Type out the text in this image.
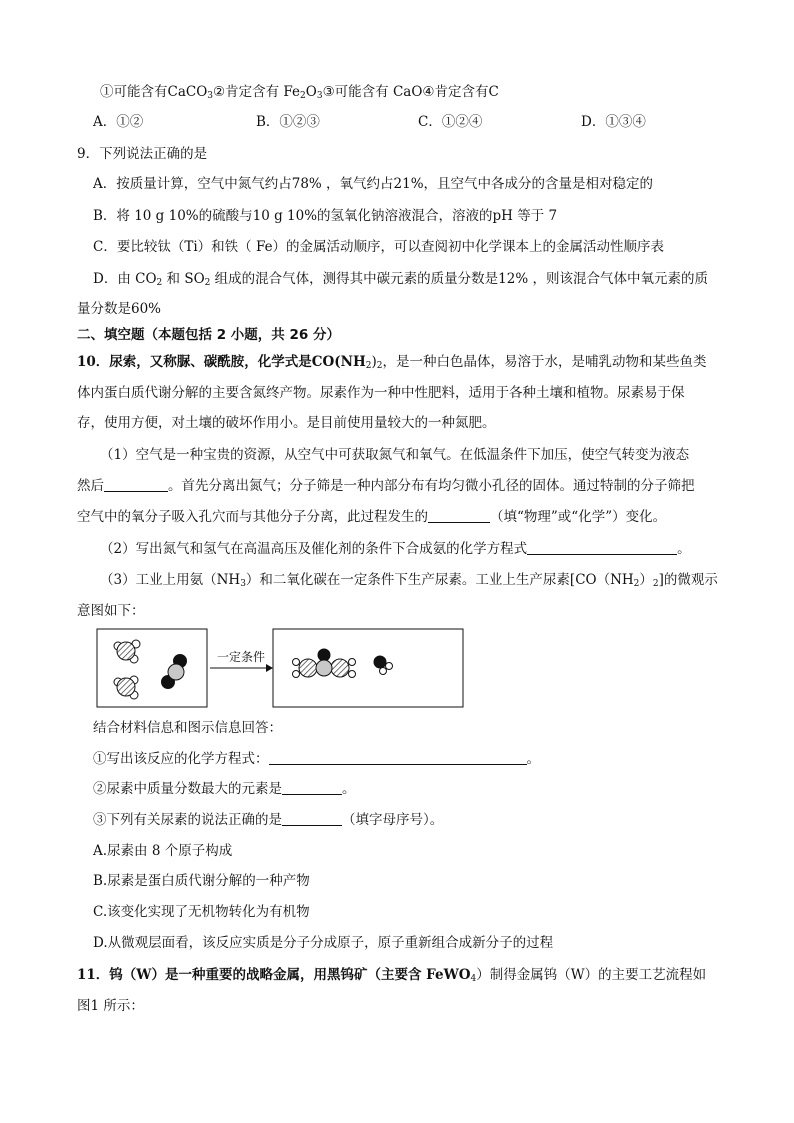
①可能含有CaCO$_3$②肯定含有 $Fe_2O_3③$可能含有 CaO④肯定含有C
A．①②	B．①②③	C．①②④	D．①③④
9．下列说法正确的是
A．按质量计算，空气中氮气约占78% ，氧气约占21%，且空气中各成分的含量是相对稳定的
B．将 10 g 10%的硫酸与10 g 10%的氢氧化钠溶液混合，溶液的pH 等于 7
C．要比较钛（Ti）和铁（ Fe）的金属活动顺序，可以查阅初中化学课本上的金属活动性顺序表
D．由 $CO_2$ 和 $SO_2$ 组成的混合气体，测得其中碳元素的质量分数是12% ，则该混合气体中氧元素的质
量分数是60%
二、填空题（本题包括 2 小题，共 26 分）
10．尿索，又称脲、碳酰胺，化学式是$CO(NH_2)_2$，是一种白色晶体，易溶于水，是哺乳动物和某些鱼类
体内蛋白质代谢分解的主要含氮终产物。尿素作为一种中性肥料，适用于各种土壤和植物。尿素易于保
存，使用方便，对土壤的破坏作用小。是目前使用量较大的一种氮肥。
（1）空气是一种宝贵的资源，从空气中可获取氮气和氧气。在低温条件下加压，使空气转变为液态
然后	。首先分离出氮气；分子筛是一种内部分布有均匀微小孔径的固体。通过特制的分子筛把
空气中的氧分子吸入孔穴而与其他分子分离，此过程发生的	（填“物理”或“化学”）变化。
（2）写出氮气和氢气在高温高压及催化剂的条件下合成氨的化学方程式	。
（3）工业上用氨$(NH_3)$和二氧化碳在一定条件下生产尿素。工业上生产尿素$[CO(NH_2)_2]$的微观示
意图如下：
一定条件
结合材料信息和图示信息回答：
①写出该反应的化学方程式：	。
②尿素中质量分数最大的元素是	。
③下列有关尿素的说法正确的是	（填字母序号）。
A.尿素由 8 个原子构成
B.尿素是蛋白质代谢分解的一种产物
C.该变化实现了无机物转化为有机物
D.从微观层面看，该反应实质是分子分成原子，原子重新组合成新分子的过程
11．钨（W）是一种重要的战略金属，用黑钨矿（主要含 FeWO$_4$）制得金属钨（W）的主要工艺流程如
图1 所示：
